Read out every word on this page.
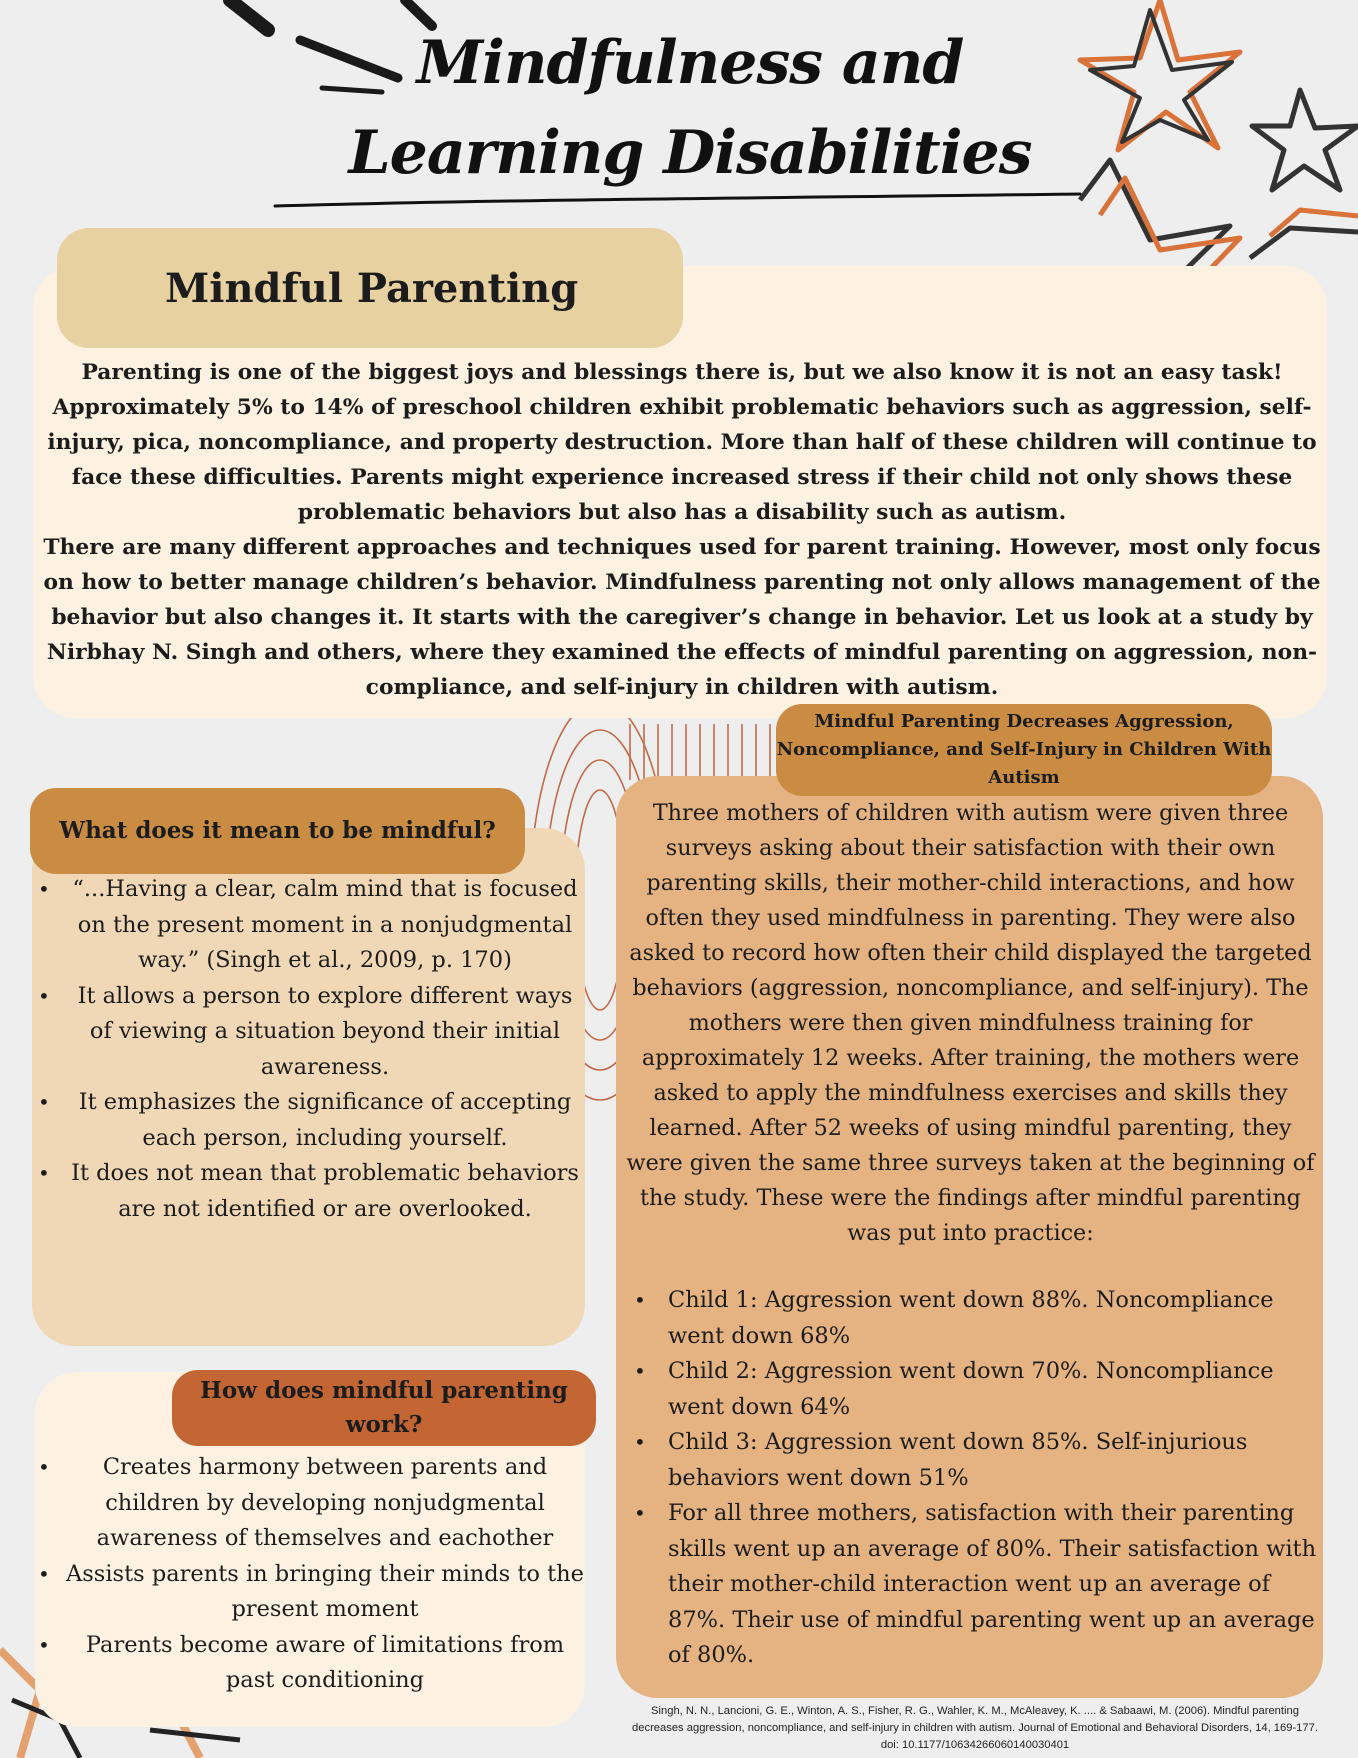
Mindfulness and
Learning Disabilities
Mindful Parenting

Parenting is one of the biggest joys and blessings there is, but we also know it is not an easy task! Approximately 5% to 14% of preschool children exhibit problematic behaviors such as aggression, self-injury, pica, noncompliance, and property destruction. More than half of these children will continue to face these difficulties. Parents might experience increased stress if their child not only shows these problematic behaviors but also has a disability such as autism.

There are many different approaches and techniques used for parent training. However, most only focus on how to better manage children’s behavior. Mindfulness parenting not only allows management of the behavior but also changes it. It starts with the caregiver’s change in behavior. Let us look at a study by Nirbhay N. Singh and others, where they examined the effects of mindful parenting on aggression, non-compliance, and self-injury in children with autism.

What does it mean to be mindful?
• “...Having a clear, calm mind that is focused on the present moment in a nonjudgmental way.” (Singh et al., 2009, p. 170)
• It allows a person to explore different ways of viewing a situation beyond their initial awareness.
• It emphasizes the significance of accepting each person, including yourself.
• It does not mean that problematic behaviors are not identified or are overlooked.
How does mindful parenting work?
• Creates harmony between parents and children by developing nonjudgmental awareness of themselves and eachother
• Assists parents in bringing their minds to the present moment
• Parents become aware of limitations from past conditioning
Mindful Parenting Decreases Aggression, Noncompliance, and Self-Injury in Children With Autism

Three mothers of children with autism were given three surveys asking about their satisfaction with their own parenting skills, their mother-child interactions, and how often they used mindfulness in parenting. They were also asked to record how often their child displayed the targeted behaviors (aggression, noncompliance, and self-injury). The mothers were then given mindfulness training for approximately 12 weeks. After training, the mothers were asked to apply the mindfulness exercises and skills they learned. After 52 weeks of using mindful parenting, they were given the same three surveys taken at the beginning of the study. These were the findings after mindful parenting was put into practice:

• Child 1: Aggression went down 88%. Noncompliance went down 68%
• Child 2: Aggression went down 70%. Noncompliance went down 64%
• Child 3: Aggression went down 85%. Self-injurious behaviors went down 51%
• For all three mothers, satisfaction with their parenting skills went up an average of 80%. Their satisfaction with their mother-child interaction went up an average of 87%. Their use of mindful parenting went up an average of 80%.

Singh, N. N., Lancioni, G. E., Winton, A. S., Fisher, R. G., Wahler, K. M., McAleavey, K. .... & Sabaawi, M. (2006). Mindful parenting decreases aggression, noncompliance, and self-injury in children with autism. Journal of Emotional and Behavioral Disorders, 14, 169-177. doi: 10.1177/10634266060140030401
